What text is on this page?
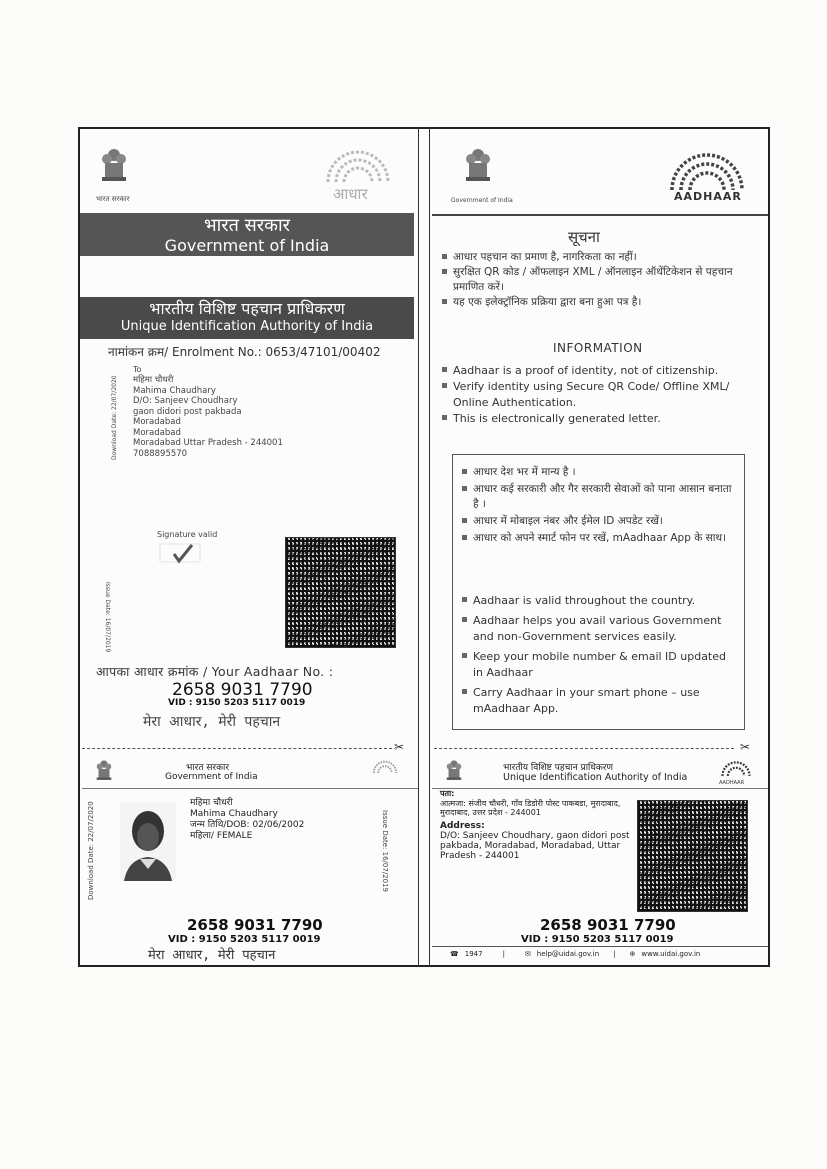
भारत सरकार	आधार
भारत सरकार
Government of India
भारतीय विशिष्ट पहचान प्राधिकरण
Unique Identification Authority of India
नामांकन क्रम/ Enrolment No.: 0653/47101/00402
Download Date: 22/07/2020
To
महिमा चौधरी
Mahima Chaudhary
D/O: Sanjeev Choudhary
gaon didori post pakbada
Moradabad
Moradabad
Moradabad Uttar Pradesh - 244001
7088895570
Issue Date: 16/07/2019
Signature valid
आपका आधार क्रमांक / Your Aadhaar No. :
2658 9031 7790
VID : 9150 5203 5117 0019
मेरा आधार, मेरी पहचान
Government of India	AADHAAR
सूचना
आधार पहचान का प्रमाण है, नागरिकता का नहीं।
सुरक्षित QR कोड / ऑफलाइन XML / ऑनलाइन ऑथेंटिकेशन से पहचान प्रमाणित करें।
यह एक इलेक्ट्रॉनिक प्रक्रिया द्वारा बना हुआ पत्र है।
INFORMATION
Aadhaar is a proof of identity, not of citizenship.
Verify identity using Secure QR Code/ Offline XML/ Online Authentication.
This is electronically generated letter.
आधार देश भर में मान्य है ।
आधार कई सरकारी और गैर सरकारी सेवाओं को पाना आसान बनाता है ।
आधार में मोबाइल नंबर और ईमेल ID अपडेट रखें।
आधार को अपने स्मार्ट फोन पर रखें, mAadhaar App के साथ।
Aadhaar is valid throughout the country.
Aadhaar helps you avail various Government and non-Government services easily.
Keep your mobile number & email ID updated in Aadhaar
Carry Aadhaar in your smart phone – use mAadhaar App.
✂	✂
भारत सरकार
Government of India
Download Date: 22/07/2020	Issue Date: 16/07/2019
महिमा चौधरी
Mahima Chaudhary
जन्म तिथि/DOB: 02/06/2002
महिला/ FEMALE
2658 9031 7790
VID : 9150 5203 5117 0019
मेरा आधार, मेरी पहचान
भारतीय विशिष्ट पहचान प्राधिकरण
Unique Identification Authority of India	AADHAAR
पता:
आत्मजा: संजीव चौधरी, गाँव डिडोरी पोस्ट पाकबडा, मुरादाबाद, मुरादाबाद, उत्तर प्रदेश - 244001
Address:
D/O: Sanjeev Choudhary, gaon didori post pakbada, Moradabad, Moradabad, Uttar Pradesh - 244001
2658 9031 7790
VID : 9150 5203 5117 0019
☎ 1947	|	✉ help@uidai.gov.in | ⊕ www.uidai.gov.in
